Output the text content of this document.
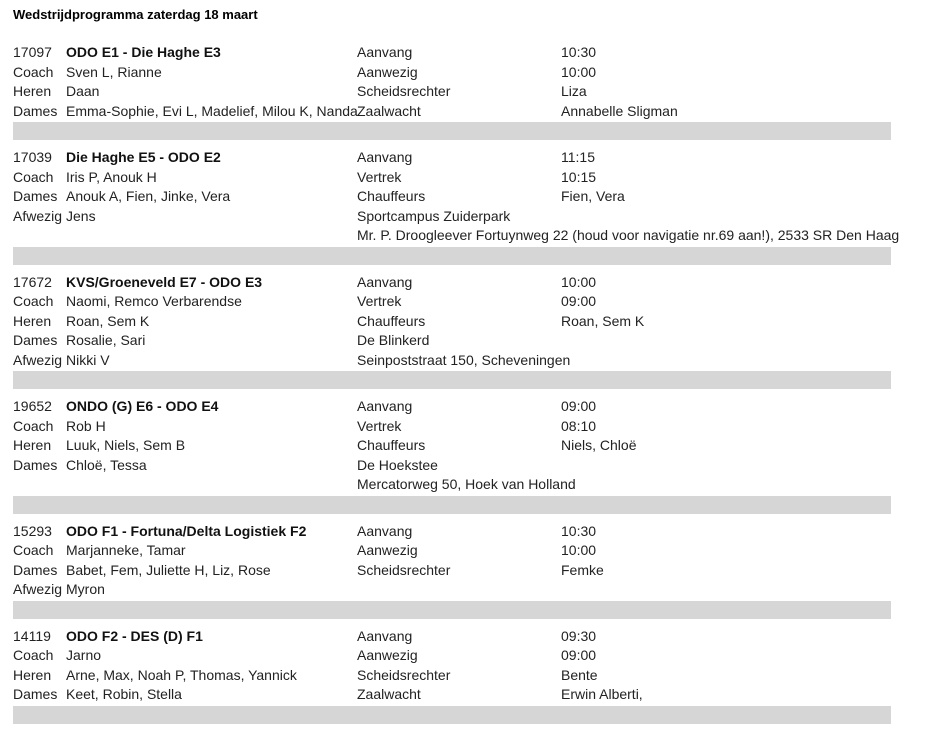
Wedstrijdprogramma zaterdag 18 maart
17097 ODO E1 - Die Haghe E3	Aanvang	10:30
Coach Sven L, Rianne	Aanwezig	10:00
Heren Daan	Scheidsrechter	Liza
Dames Emma-Sophie, Evi L, Madelief, Milou K, Nanda Zaalwacht	Annabelle Sligman
17039 Die Haghe E5 - ODO E2	Aanvang	11:15
Coach Iris P, Anouk H	Vertrek	10:15
Dames Anouk A, Fien, Jinke, Vera	Chauffeurs	Fien, Vera
Afwezig Jens	Sportcampus Zuiderpark
Mr. P. Droogleever Fortuynweg 22 (houd voor navigatie nr.69 aan!), 2533 SR Den Haag
17672 KVS/Groeneveld E7 - ODO E3	Aanvang	10:00
Coach Naomi, Remco Verbarendse	Vertrek	09:00
Heren Roan, Sem K	Chauffeurs	Roan, Sem K
Dames Rosalie, Sari	De Blinkerd
Afwezig Nikki V	Seinpoststraat 150, Scheveningen
19652 ONDO (G) E6 - ODO E4	Aanvang	09:00
Coach Rob H	Vertrek	08:10
Heren Luuk, Niels, Sem B	Chauffeurs	Niels, Chloë
Dames Chloë, Tessa	De Hoekstee
Mercatorweg 50, Hoek van Holland
15293 ODO F1 - Fortuna/Delta Logistiek F2	Aanvang	10:30
Coach Marjanneke, Tamar	Aanwezig	10:00
Dames Babet, Fem, Juliette H, Liz, Rose	Scheidsrechter	Femke
Afwezig Myron
14119 ODO F2 - DES (D) F1	Aanvang	09:30
Coach Jarno	Aanwezig	09:00
Heren Arne, Max, Noah P, Thomas, Yannick	Scheidsrechter	Bente
Dames Keet, Robin, Stella	Zaalwacht	Erwin Alberti,
